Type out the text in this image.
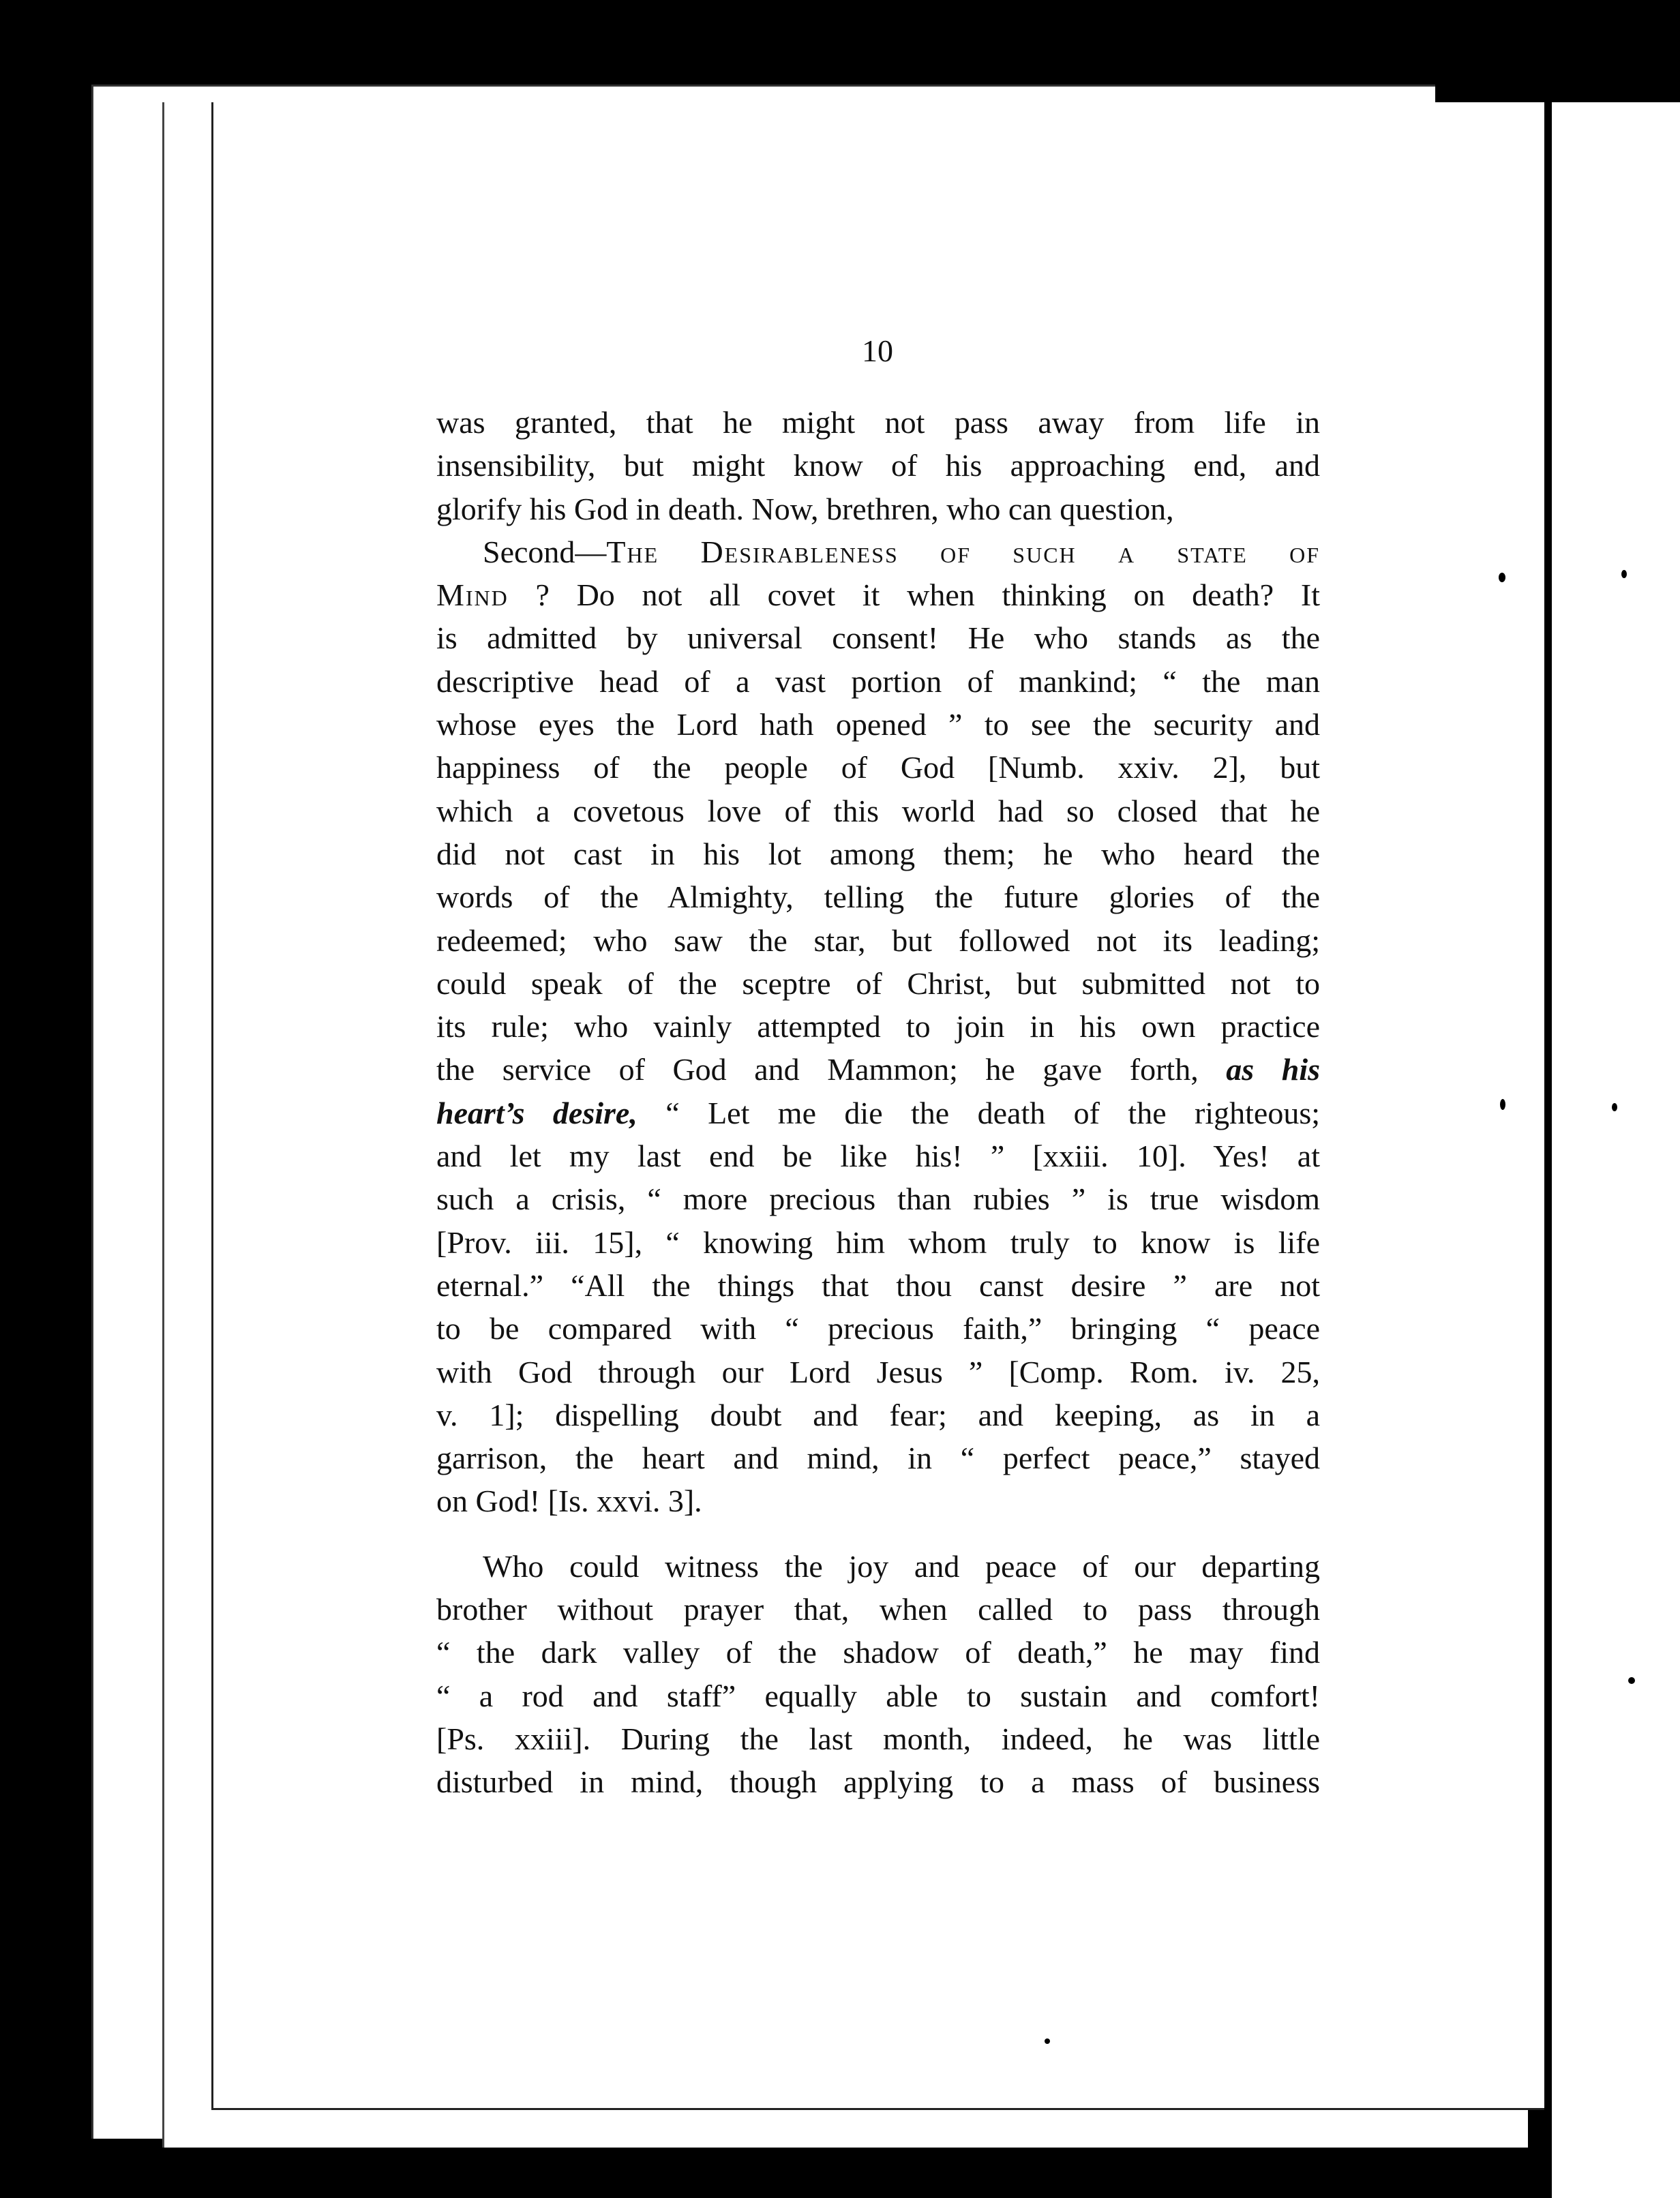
10
was granted, that he might not pass away from life in
insensibility, but might know of his approaching end, and
glorify his God in death. Now, brethren, who can question,
Second—The Desirableness of such a state of
Mind ? Do not all covet it when thinking on death? It
is admitted by universal consent! He who stands as the
descriptive head of a vast portion of mankind; “ the man
whose eyes the Lord hath opened ” to see the security and
happiness of the people of God [Numb. xxiv. 2], but
which a covetous love of this world had so closed that he
did not cast in his lot among them; he who heard the
words of the Almighty, telling the future glories of the
redeemed; who saw the star, but followed not its leading;
could speak of the sceptre of Christ, but submitted not to
its rule; who vainly attempted to join in his own practice
the service of God and Mammon; he gave forth, as his
heart’s desire, “ Let me die the death of the righteous;
and let my last end be like his! ” [xxiii. 10]. Yes! at
such a crisis, “ more precious than rubies ” is true wisdom
[Prov. iii. 15], “ knowing him whom truly to know is life
eternal.” “All the things that thou canst desire ” are not
to be compared with “ precious faith,” bringing “ peace
with God through our Lord Jesus ” [Comp. Rom. iv. 25,
v. 1]; dispelling doubt and fear; and keeping, as in a
garrison, the heart and mind, in “ perfect peace,” stayed
on God! [Is. xxvi. 3].
Who could witness the joy and peace of our departing
brother without prayer that, when called to pass through
“ the dark valley of the shadow of death,” he may find
“ a rod and staff” equally able to sustain and comfort!
[Ps. xxiii]. During the last month, indeed, he was little
disturbed in mind, though applying to a mass of business
